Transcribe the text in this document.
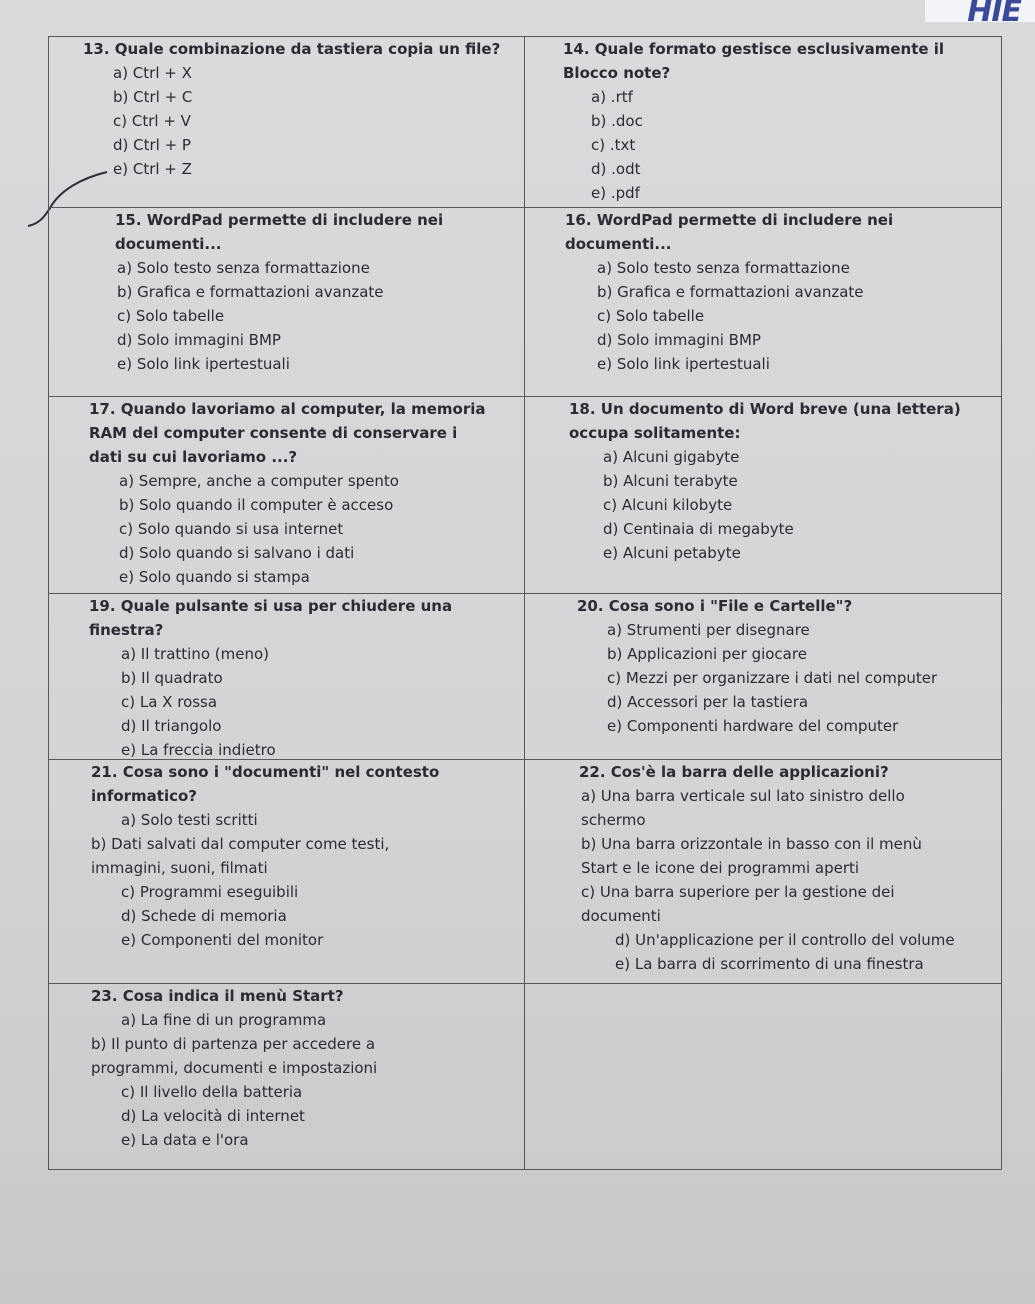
HIE

13. Quale combinazione da tastiera copia un file?

a) Ctrl + X

b) Ctrl + C

c) Ctrl + V

d) Ctrl + P

e) Ctrl + Z

14. Quale formato gestisce esclusivamente il
Blocco note?

a) .rtf

b) .doc

c) .txt

d) .odt

e) .pdf

15. WordPad permette di includere nei
documenti...

a) Solo testo senza formattazione

b) Grafica e formattazioni avanzate

c) Solo tabelle

d) Solo immagini BMP

e) Solo link ipertestuali

16. WordPad permette di includere nei
documenti...

a) Solo testo senza formattazione

b) Grafica e formattazioni avanzate

c) Solo tabelle

d) Solo immagini BMP

e) Solo link ipertestuali

17. Quando lavoriamo al computer, la memoria
RAM del computer consente di conservare i
dati su cui lavoriamo ...?

a) Sempre, anche a computer spento

b) Solo quando il computer è acceso

c) Solo quando si usa internet

d) Solo quando si salvano i dati

e) Solo quando si stampa

18. Un documento di Word breve (una lettera)
occupa solitamente:

a) Alcuni gigabyte

b) Alcuni terabyte

c) Alcuni kilobyte

d) Centinaia di megabyte

e) Alcuni petabyte

19. Quale pulsante si usa per chiudere una
finestra?

a) Il trattino (meno)

b) Il quadrato

c) La X rossa

d) Il triangolo

e) La freccia indietro

20. Cosa sono i "File e Cartelle"?

a) Strumenti per disegnare

b) Applicazioni per giocare

c) Mezzi per organizzare i dati nel computer

d) Accessori per la tastiera

e) Componenti hardware del computer

21. Cosa sono i "documenti" nel contesto
informatico?

a) Solo testi scritti

b) Dati salvati dal computer come testi,
immagini, suoni, filmati

c) Programmi eseguibili

d) Schede di memoria

e) Componenti del monitor

22. Cos'è la barra delle applicazioni?

a) Una barra verticale sul lato sinistro dello
schermo

b) Una barra orizzontale in basso con il menù
Start e le icone dei programmi aperti

c) Una barra superiore per la gestione dei
documenti

d) Un'applicazione per il controllo del volume

e) La barra di scorrimento di una finestra

23. Cosa indica il menù Start?

a) La fine di un programma

b) Il punto di partenza per accedere a
programmi, documenti e impostazioni

c) Il livello della batteria

d) La velocità di internet

e) La data e l'ora
